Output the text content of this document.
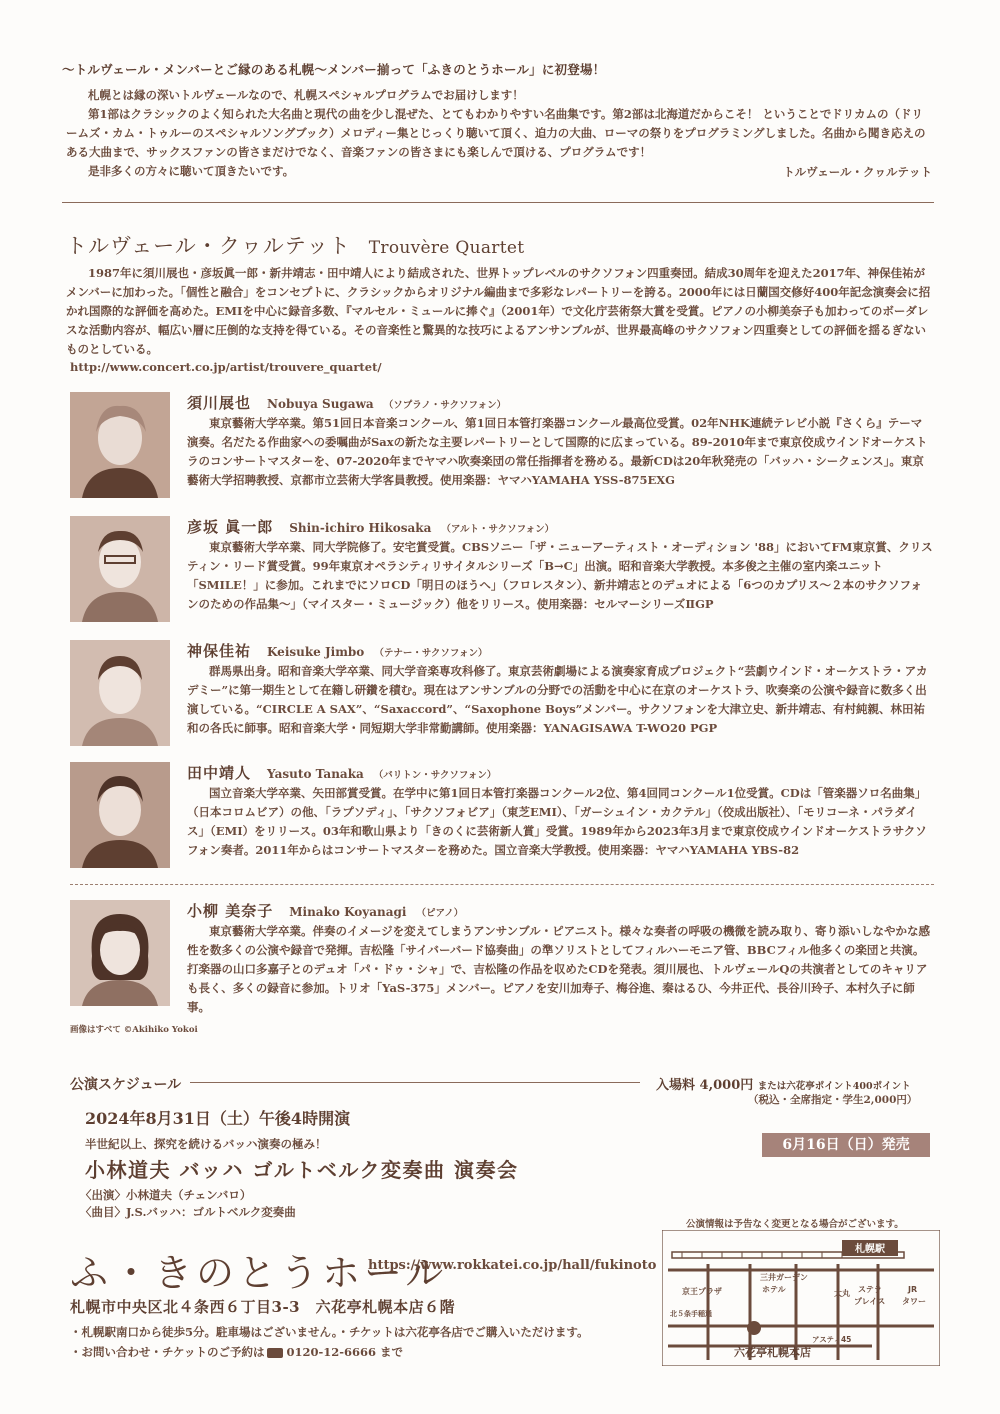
〜トルヴェール・メンバーとご縁のある札幌〜メンバー揃って「ふきのとうホール」に初登場！

札幌とは縁の深いトルヴェールなので、札幌スペシャルプログラムでお届けします！

第1部はクラシックのよく知られた大名曲と現代の曲を少し混ぜた、とてもわかりやすい名曲集です。第2部は北海道だからこそ！ ということでドリカムの（ドリームズ・カム・トゥルーのスペシャルソングブック）メロディー集とじっくり聴いて頂く、迫力の大曲、ローマの祭りをプログラミングしました。名曲から聞き応えのある大曲まで、サックスファンの皆さまだけでなく、音楽ファンの皆さまにも楽しんで頂ける、プログラムです！

是非多くの方々に聴いて頂きたいです。	トルヴェール・クヮルテット
トルヴェール・クヮルテット Trouvère Quartet

1987年に須川展也・彦坂眞一郎・新井靖志・田中靖人により結成された、世界トップレベルのサクソフォン四重奏団。結成30周年を迎えた2017年、神保佳祐がメンバーに加わった。「個性と融合」をコンセプトに、クラシックからオリジナル編曲まで多彩なレパートリーを誇る。2000年には日蘭国交修好400年記念演奏会に招かれ国際的な評価を高めた。EMIを中心に録音多数、『マルセル・ミュールに捧ぐ』（2001年）で文化庁芸術祭大賞を受賞。ピアノの小柳美奈子も加わってのボーダレスな活動内容が、幅広い層に圧倒的な支持を得ている。その音楽性と驚異的な技巧によるアンサンブルが、世界最高峰のサクソフォン四重奏としての評価を揺るぎないものとしている。

http://www.concert.co.jp/artist/trouvere_quartet/
須川展也 Nobuya Sugawa （ソプラノ・サクソフォン）
東京藝術大学卒業。第51回日本音楽コンクール、第1回日本管打楽器コンクール最高位受賞。02年NHK連続テレビ小説『さくら』テーマ演奏。名だたる作曲家への委嘱曲がSaxの新たな主要レパートリーとして国際的に広まっている。89-2010年まで東京佼成ウインドオーケストラのコンサートマスターを、07-2020年までヤマハ吹奏楽団の常任指揮者を務める。最新CDは20年秋発売の「バッハ・シークェンス」。東京藝術大学招聘教授、京都市立芸術大学客員教授。使用楽器：ヤマハYAMAHA YSS-875EXG
彦坂 眞一郎 Shin-ichiro Hikosaka （アルト・サクソフォン）
東京藝術大学卒業、同大学院修了。安宅賞受賞。CBSソニー「ザ・ニューアーティスト・オーディション '88」においてFM東京賞、クリスティン・リード賞受賞。99年東京オペラシティリサイタルシリーズ「B→C」出演。昭和音楽大学教授。本多俊之主催の室内楽ユニット「SMILE！」に参加。これまでにソロCD「明日のほうへ」（フロレスタン）、新井靖志とのデュオによる「6つのカプリス〜２本のサクソフォンのための作品集〜」（マイスター・ミュージック）他をリリース。使用楽器：セルマーシリーズⅡGP
神保佳祐 Keisuke Jimbo （テナー・サクソフォン）
群馬県出身。昭和音楽大学卒業、同大学音楽専攻科修了。東京芸術劇場による演奏家育成プロジェクト“芸劇ウインド・オーケストラ・アカデミー”に第一期生として在籍し研鑽を積む。現在はアンサンブルの分野での活動を中心に在京のオーケストラ、吹奏楽の公演や録音に数多く出演している。“CIRCLE A SAX”、“Saxaccord”、“Saxophone Boys”メンバー。サクソフォンを大津立史、新井靖志、有村純親、林田祐和の各氏に師事。昭和音楽大学・同短期大学非常勤講師。使用楽器：YANAGISAWA T-WO20 PGP
田中靖人 Yasuto Tanaka （バリトン・サクソフォン）
国立音楽大学卒業、矢田部賞受賞。在学中に第1回日本管打楽器コンクール2位、第4回同コンクール1位受賞。CDは「管楽器ソロ名曲集」（日本コロムビア）の他、「ラプソディ」、「サクソフォビア」（東芝EMI）、「ガーシュイン・カクテル」（佼成出版社）、「モリコーネ・パラダイス」（EMI）をリリース。03年和歌山県より「きのくに芸術新人賞」受賞。1989年から2023年3月まで東京佼成ウインドオーケストラサクソフォン奏者。2011年からはコンサートマスターを務めた。国立音楽大学教授。使用楽器：ヤマハYAMAHA YBS-82
小柳 美奈子 Minako Koyanagi （ピアノ）
東京藝術大学卒業。伴奏のイメージを変えてしまうアンサンブル・ピアニスト。様々な奏者の呼吸の機微を読み取り、寄り添いしなやかな感性を数多くの公演や録音で発揮。吉松隆「サイバーバード協奏曲」の準ソリストとしてフィルハーモニア管、BBCフィル他多くの楽団と共演。打楽器の山口多嘉子とのデュオ「パ・ドゥ・シャ」で、吉松隆の作品を収めたCDを発表。須川展也、トルヴェールQの共演者としてのキャリアも長く、多くの録音に参加。トリオ「YaS-375」メンバー。ピアノを安川加寿子、梅谷進、秦はるひ、今井正代、長谷川玲子、本村久子に師事。
画像はすべて ©Akihiko Yokoi
公演スケジュール	入場料 4,000円 または六花亭ポイント400ポイント
（税込・全席指定・学生2,000円）
6月16日（日）発売
2024年8月31日（土）午後4時開演
半世紀以上、探究を続けるバッハ演奏の極み！
小林道夫 バッハ ゴルトベルク変奏曲 演奏会
〈出演〉小林道夫（チェンバロ）
〈曲目〉J.S.バッハ：ゴルトベルク変奏曲
公演情報は予告なく変更となる場合がございます。
ふ・きのとうホール
https://www.rokkatei.co.jp/hall/fukinoto
札幌市中央区北４条西６丁目3-3　六花亭札幌本店６階
・札幌駅南口から徒歩5分。駐車場はございません。・チケットは六花亭各店でご購入いただけます。
・お問い合わせ・チケットのご予約は 0120-12-6666 まで
札幌駅
京王プラザ
三井ガーデン
ホテル	大丸 ステラ
プレイス
JR
タワー
北５条手稲通
アスティ45
六花亭札幌本店
